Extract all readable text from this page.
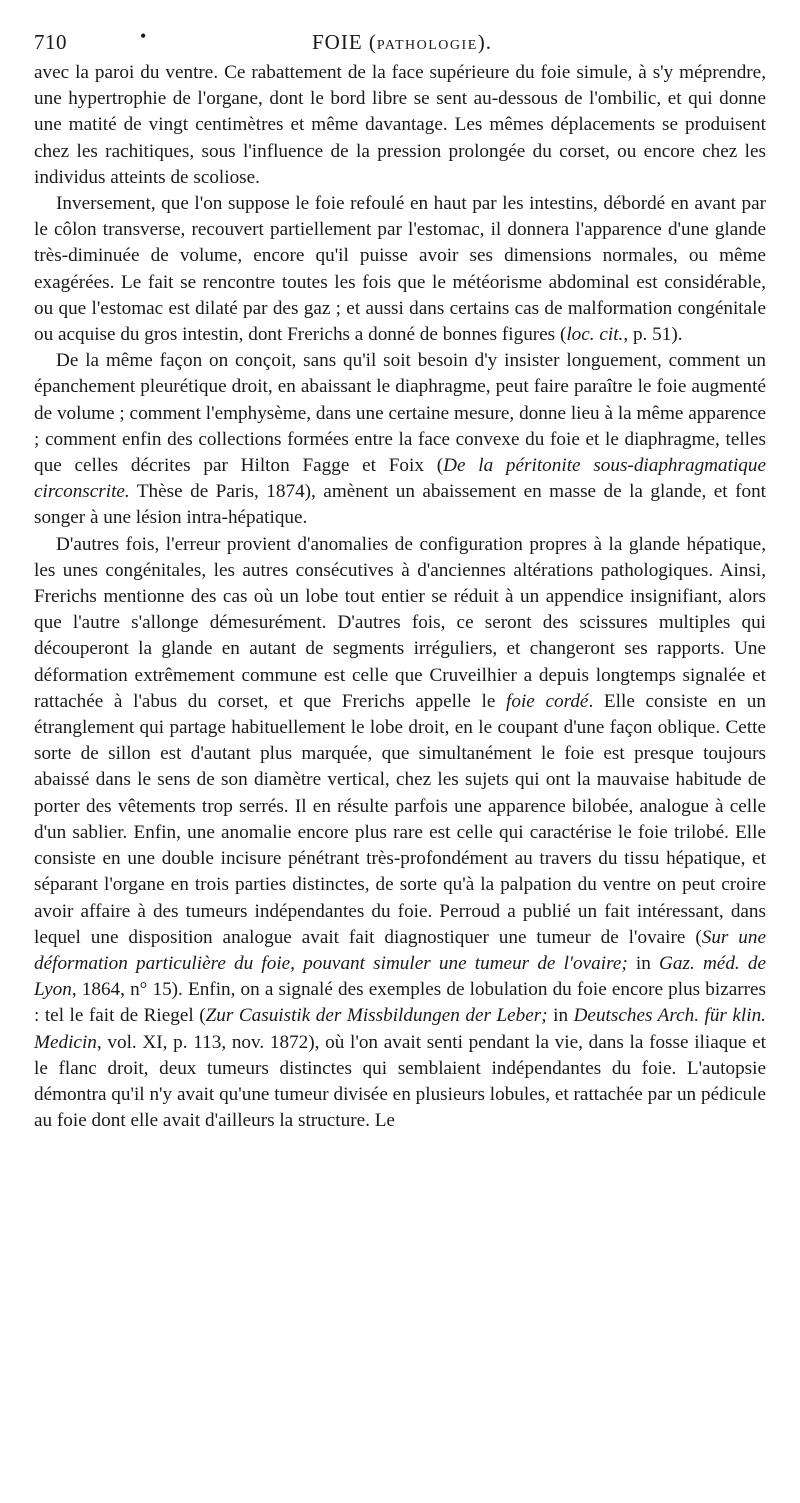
710	•	FOIE (PATHOLOGIE).

avec la paroi du ventre. Ce rabattement de la face supérieure du foie simule, à s'y méprendre, une hypertrophie de l'organe, dont le bord libre se sent au-dessous de l'ombilic, et qui donne une matité de vingt centimètres et même davantage. Les mêmes déplacements se produisent chez les rachitiques, sous l'influence de la pression prolongée du corset, ou encore chez les individus atteints de scoliose.

Inversement, que l'on suppose le foie refoulé en haut par les intestins, débordé en avant par le côlon transverse, recouvert partiellement par l'estomac, il donnera l'apparence d'une glande très-diminuée de volume, encore qu'il puisse avoir ses dimensions normales, ou même exagérées. Le fait se rencontre toutes les fois que le météorisme abdominal est considérable, ou que l'estomac est dilaté par des gaz ; et aussi dans certains cas de malformation congénitale ou acquise du gros intestin, dont Frerichs a donné de bonnes figures (loc. cit., p. 51).

De la même façon on conçoit, sans qu'il soit besoin d'y insister longuement, comment un épanchement pleurétique droit, en abaissant le diaphragme, peut faire paraître le foie augmenté de volume ; comment l'emphysème, dans une certaine mesure, donne lieu à la même apparence ; comment enfin des collections formées entre la face convexe du foie et le diaphragme, telles que celles décrites par Hilton Fagge et Foix (De la péritonite sous-diaphragmatique circonscrite. Thèse de Paris, 1874), amènent un abaissement en masse de la glande, et font songer à une lésion intra-hépatique.

D'autres fois, l'erreur provient d'anomalies de configuration propres à la glande hépatique, les unes congénitales, les autres consécutives à d'anciennes altérations pathologiques. Ainsi, Frerichs mentionne des cas où un lobe tout entier se réduit à un appendice insignifiant, alors que l'autre s'allonge démesurément. D'autres fois, ce seront des scissures multiples qui découperont la glande en autant de segments irréguliers, et changeront ses rapports. Une déformation extrêmement commune est celle que Cruveilhier a depuis longtemps signalée et rattachée à l'abus du corset, et que Frerichs appelle le foie cordé. Elle consiste en un étranglement qui partage habituellement le lobe droit, en le coupant d'une façon oblique. Cette sorte de sillon est d'autant plus marquée, que simultanément le foie est presque toujours abaissé dans le sens de son diamètre vertical, chez les sujets qui ont la mauvaise habitude de porter des vêtements trop serrés. Il en résulte parfois une apparence bilobée, analogue à celle d'un sablier. Enfin, une anomalie encore plus rare est celle qui caractérise le foie trilobé. Elle consiste en une double incisure pénétrant très-profondément au travers du tissu hépatique, et séparant l'organe en trois parties distinctes, de sorte qu'à la palpation du ventre on peut croire avoir affaire à des tumeurs indépendantes du foie. Perroud a publié un fait intéressant, dans lequel une disposition analogue avait fait diagnostiquer une tumeur de l'ovaire (Sur une déformation particulière du foie, pouvant simuler une tumeur de l'ovaire; in Gaz. méd. de Lyon, 1864, n° 15). Enfin, on a signalé des exemples de lobulation du foie encore plus bizarres : tel le fait de Riegel (Zur Casuistik der Missbildungen der Leber; in Deutsches Arch. für klin. Medicin, vol. XI, p. 113, nov. 1872), où l'on avait senti pendant la vie, dans la fosse iliaque et le flanc droit, deux tumeurs distinctes qui semblaient indépendantes du foie. L'autopsie démontra qu'il n'y avait qu'une tumeur divisée en plusieurs lobules, et rattachée par un pédicule au foie dont elle avait d'ailleurs la structure. Le
